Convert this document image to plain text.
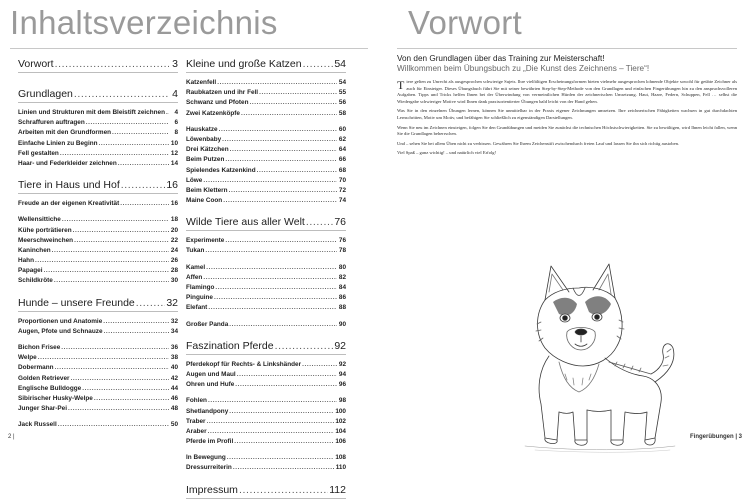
Inhaltsverzeichnis
Vorwort .....	3
Grundlagen .....	4
Linien und Strukturen mit dem Bleistift zeichnen .....	4
Schraffuren auftragen .....	6
Arbeiten mit den Grundformen .....	8
Einfache Linien zu Beginn .....	10
Fell gestalten .....	12
Haar- und Federkleider zeichnen .....	14
Tiere in Haus und Hof .....	16
Freude an der eigenen Kreativität .....	16
Wellensittiche .....	18
Kühe porträtieren .....	20
Meerschweinchen .....	22
Kaninchen .....	24
Hahn .....	26
Papagei .....	28
Schildkröte .....	30
Hunde – unsere Freunde .....	32
Proportionen und Anatomie .....	32
Augen, Pfote und Schnauze .....	34
Bichon Frisee .....	36
Welpe .....	38
Dobermann .....	40
Golden Retriever .....	42
Englische Bulldogge .....	44
Sibirischer Husky-Welpe .....	46
Junger Shar-Pei .....	48
Jack Russell .....	50
Kleine und große Katzen .....	54
Katzenfell .....	54
Raubkatzen und ihr Fell .....	55
Schwanz und Pfoten .....	56
Zwei Katzenköpfe .....	58
Hauskatze .....	60
Löwenbaby .....	62
Drei Kätzchen .....	64
Beim Putzen .....	66
Spielendes Katzenkind .....	68
Löwe .....	70
Beim Klettern .....	72
Maine Coon .....	74
Wilde Tiere aus aller Welt .....	76
Experimente .....	76
Tukan .....	78
Kamel .....	80
Affen .....	82
Flamingo .....	84
Pinguine .....	86
Elefant .....	88
Großer Panda .....	90
Faszination Pferde .....	92
Pferdekopf für Rechts- & Linkshänder .....	92
Augen und Maul .....	94
Ohren und Hufe .....	96
Fohlen .....	98
Shetlandpony .....	100
Traber .....	102
Araber .....	104
Pferde im Profil .....	106
In Bewegung .....	108
Dressurreiterin .....	110
Impressum .....	112
2 |
Vorwort
Von den Grundlagen über das Training zur Meisterschaft!
Willkommen beim Übungsbuch zu „Die Kunst des Zeichnens – Tiere“!

Tiere gelten zu Unrecht als ausgesprochen schwierige Sujets. Ihre vielfältigen Erscheinungsformen bieten vielmehr ausgesprochen lohnende Objekte sowohl für geübte Zeichner als auch für Einsteiger. Dieses Übungsbuch führt Sie mit seiner bewährten Step-by-Step-Methode von den Grundlagen und einfachen Fingerübungen hin zu den anspruchsvolleren Aufgaben. Tipps und Tricks helfen Ihnen bei der Überwindung von vermeintlichen Hürden der zeichnerischen Umsetzung. Haut, Haare, Federn, Schuppen, Fell … selbst die Wiedergabe schwieriger Motive wird Ihnen dank praxisorientierter Übungen bald leicht von der Hand gehen.

Was Sie in den einzelnen Übungen lernen, können Sie unmittelbar in der Praxis eigener Zeichnungen umsetzen. Ihre zeichnerischen Fähigkeiten wachsen in gut durchdachten Lernschritten, Motiv um Motiv, und befähigen Sie schließlich zu eigenständigen Darstellungen.

Wenn Sie neu im Zeichnen einsteigen, folgen Sie den Grundübungen und meiden Sie zunächst die technischen Höchstschwierigkeiten. Sie zu bewältigen, wird Ihnen leicht fallen, wenn Sie die Grundlagen beherrschen.

Und – sehen Sie bei allem Üben nicht zu verbissen. Gewähren Sie Ihrem Zeichenstift zwischendurch freien Lauf und lassen Sie ihn sich richtig austoben.

Viel Spaß – ganz wichtig! – und natürlich viel Erfolg!

Fingerübungen | 3
